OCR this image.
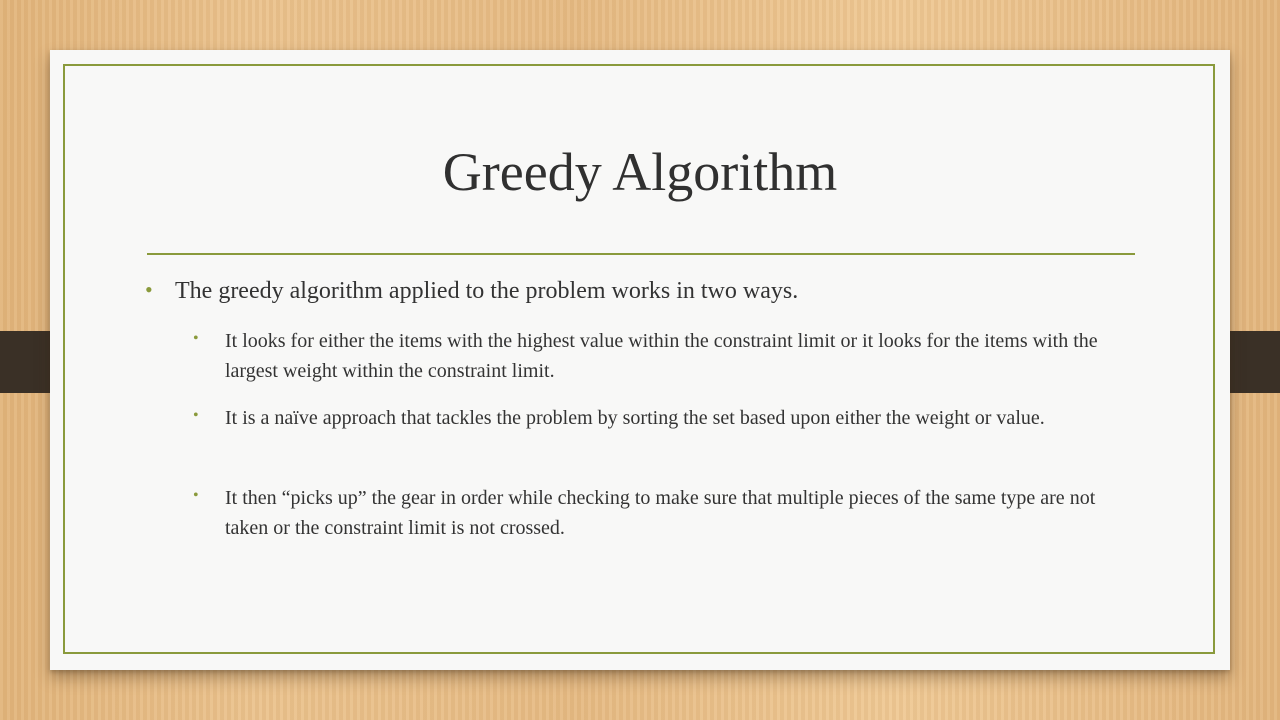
Greedy Algorithm
• The greedy algorithm applied to the problem works in two ways.
•	It looks for either the items with the highest value within the constraint limit or it looks for the items with the largest weight within the constraint limit.
•	It is a naïve approach that tackles the problem by sorting the set based upon either the weight or value.
•	It then “picks up” the gear in order while checking to make sure that multiple pieces of the same type are not taken or the constraint limit is not crossed.
